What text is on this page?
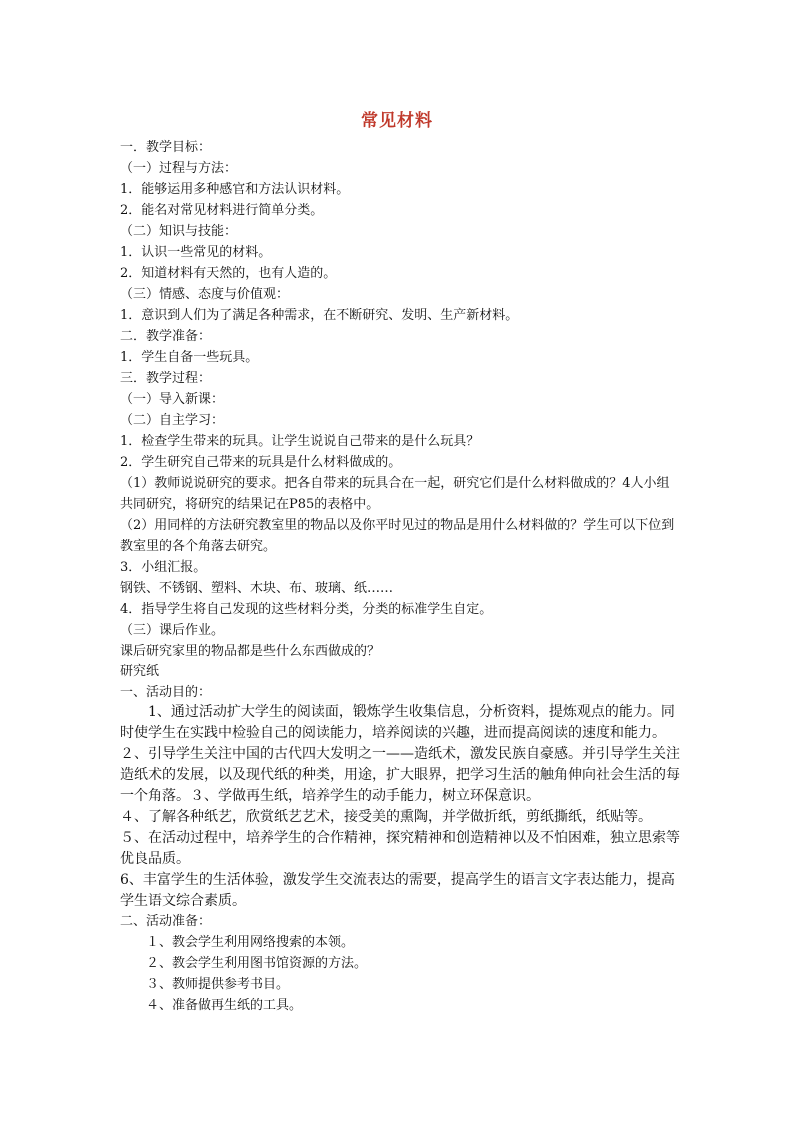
常见材料
一．教学目标：
（一）过程与方法：
1．能够运用多种感官和方法认识材料。
2．能名对常见材料进行简单分类。
（二）知识与技能：
1．认识一些常见的材料。
2．知道材料有天然的，也有人造的。
（三）情感、态度与价值观：
1．意识到人们为了满足各种需求，在不断研究、发明、生产新材料。
二．教学准备：
1．学生自备一些玩具。
三．教学过程：
（一）导入新课：
（二）自主学习：
1．检查学生带来的玩具。让学生说说自己带来的是什么玩具？
2．学生研究自己带来的玩具是什么材料做成的。
（1）教师说说研究的要求。把各自带来的玩具合在一起，研究它们是什么材料做成的？4人小组共同研究，将研究的结果记在P85的表格中。
（2）用同样的方法研究教室里的物品以及你平时见过的物品是用什么材料做的？学生可以下位到教室里的各个角落去研究。
3．小组汇报。
钢铁、不锈钢、塑料、木块、布、玻璃、纸……
4．指导学生将自己发现的这些材料分类，分类的标准学生自定。
（三）课后作业。
课后研究家里的物品都是些什么东西做成的？
研究纸
一、活动目的：
　　1、通过活动扩大学生的阅读面，锻炼学生收集信息，分析资料，提炼观点的能力。同时使学生在实践中检验自己的阅读能力，培养阅读的兴趣，进而提高阅读的速度和能力。
２、引导学生关注中国的古代四大发明之一——造纸术，激发民族自豪感。并引导学生关注造纸术的发展，以及现代纸的种类，用途，扩大眼界，把学习生活的触角伸向社会生活的每一个角落。３、学做再生纸，培养学生的动手能力，树立环保意识。
４、了解各种纸艺，欣赏纸艺艺术，接受美的熏陶，并学做折纸，剪纸撕纸，纸贴等。
５、在活动过程中，培养学生的合作精神，探究精神和创造精神以及不怕困难，独立思索等优良品质。
6、丰富学生的生活体验，激发学生交流表达的需要，提高学生的语言文字表达能力，提高学生语文综合素质。
二、活动准备：
　　１、教会学生利用网络搜索的本领。
　　２、教会学生利用图书馆资源的方法。
　　３、教师提供参考书目。
　　４、准备做再生纸的工具。
